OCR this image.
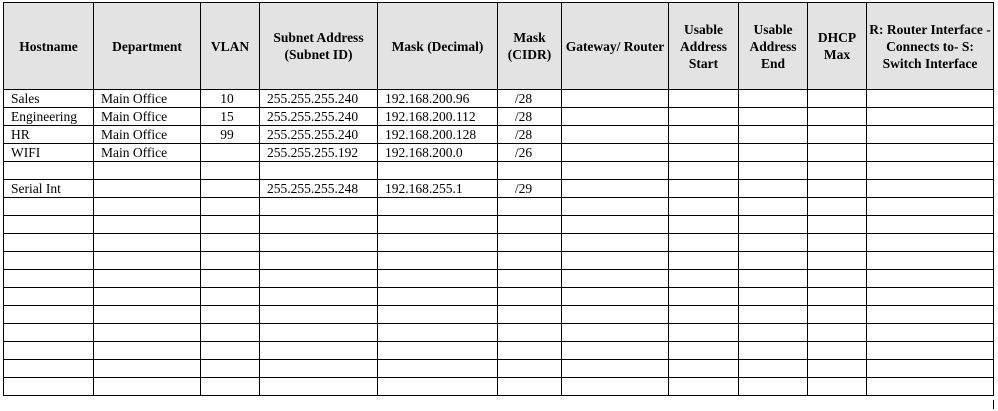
Hostname	Department	VLAN	Subnet Address (Subnet ID)	Mask (Decimal)	Mask (CIDR)	Gateway/ Router	Usable Address Start	Usable Address End	DHCP Max	R: Router Interface -Connects to- S: Switch Interface
Sales	Main Office	10	255.255.255.240	192.168.200.96	/28					
Engineering	Main Office	15	255.255.255.240	192.168.200.112	/28					
HR	Main Office	99	255.255.255.240	192.168.200.128	/28					
WIFI	Main Office		255.255.255.192	192.168.200.0	/26					

Serial Int			255.255.255.248	192.168.255.1	/29					
